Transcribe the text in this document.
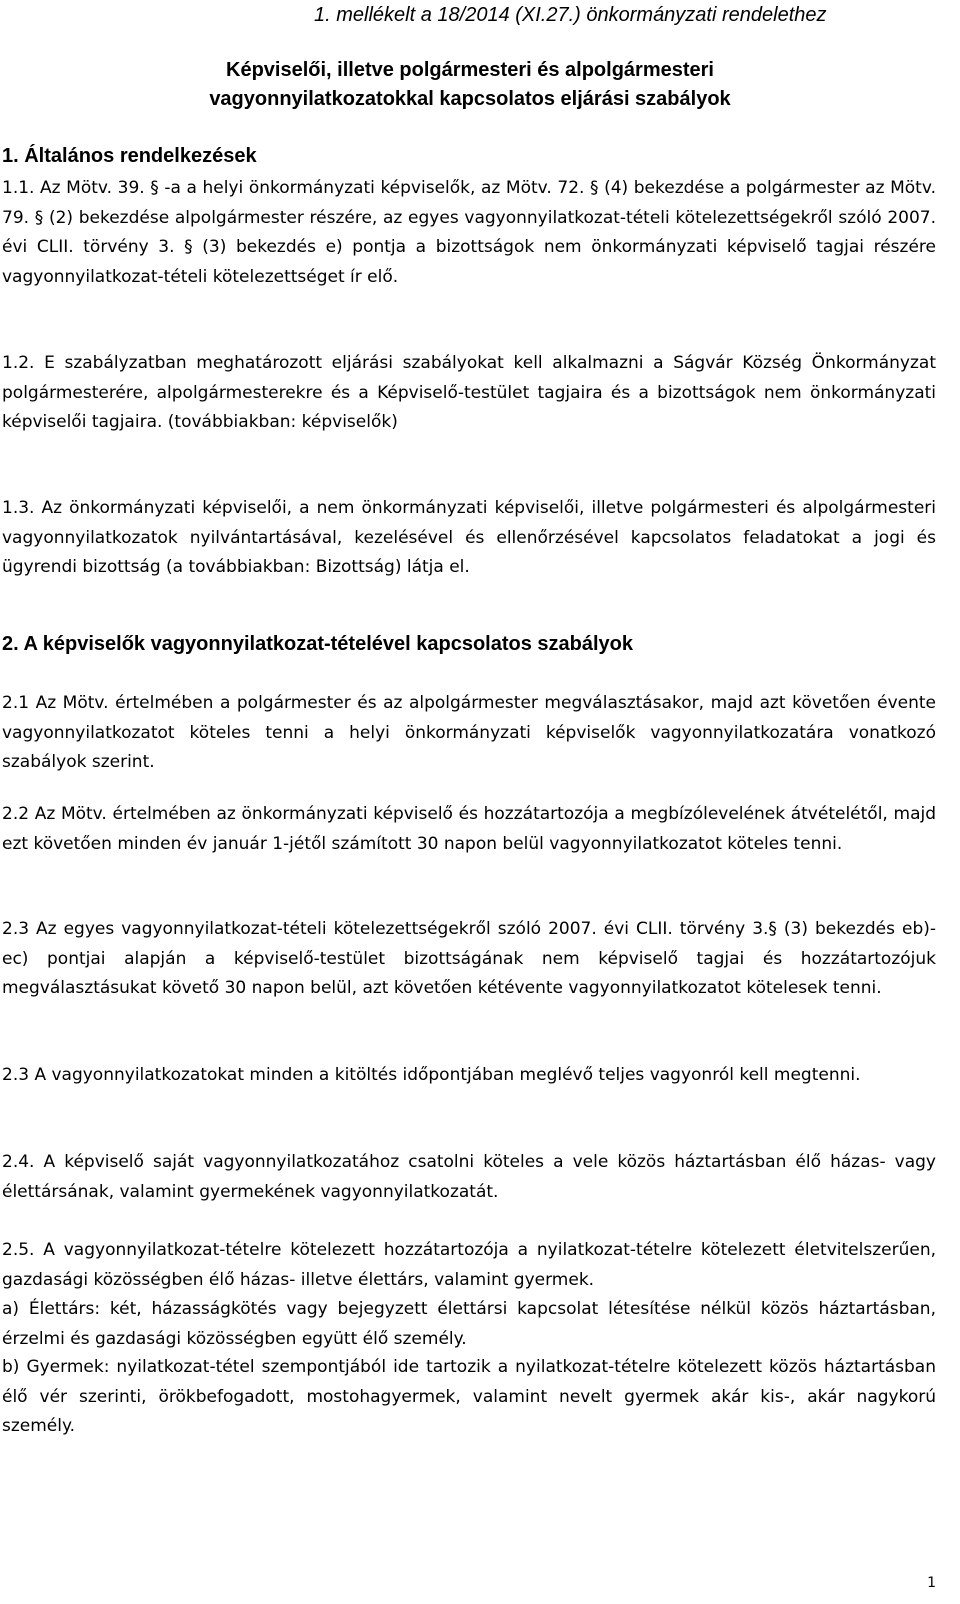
1. mellékelt a 18/2014 (XI.27.) önkormányzati rendelethez
Képviselői, illetve polgármesteri és alpolgármesteri
vagyonnyilatkozatokkal kapcsolatos eljárási szabályok
1. Általános rendelkezések

1.1. Az Mötv. 39. § -a a helyi önkormányzati képviselők, az Mötv. 72. § (4) bekezdése a polgármester az Mötv. 79. § (2) bekezdése alpolgármester részére, az egyes vagyonnyilatkozat-tételi kötelezettségekről szóló 2007. évi CLII. törvény 3. § (3) bekezdés e) pontja a bizottságok nem önkormányzati képviselő tagjai részére vagyonnyilatkozat-tételi kötelezettséget ír elő.

1.2. E szabályzatban meghatározott eljárási szabályokat kell alkalmazni a Ságvár Község Önkormányzat polgármesterére, alpolgármesterekre és a Képviselő-testület tagjaira és a bizottságok nem önkormányzati képviselői tagjaira. (továbbiakban: képviselők)

1.3. Az önkormányzati képviselői, a nem önkormányzati képviselői, illetve polgármesteri és alpolgármesteri vagyonnyilatkozatok nyilvántartásával, kezelésével és ellenőrzésével kapcsolatos feladatokat a jogi és ügyrendi bizottság (a továbbiakban: Bizottság) látja el.

2. A képviselők vagyonnyilatkozat-tételével kapcsolatos szabályok

2.1 Az Mötv. értelmében a polgármester és az alpolgármester megválasztásakor, majd azt követően évente vagyonnyilatkozatot köteles tenni a helyi önkormányzati képviselők vagyonnyilatkozatára vonatkozó szabályok szerint.

2.2 Az Mötv. értelmében az önkormányzati képviselő és hozzátartozója a megbízólevelének átvételétől, majd ezt követően minden év január 1-jétől számított 30 napon belül vagyonnyilatkozatot köteles tenni.

2.3 Az egyes vagyonnyilatkozat-tételi kötelezettségekről szóló 2007. évi CLII. törvény 3.§ (3) bekezdés eb)-ec) pontjai alapján a képviselő-testület bizottságának nem képviselő tagjai és hozzátartozójuk megválasztásukat követő 30 napon belül, azt követően kétévente vagyonnyilatkozatot kötelesek tenni.

2.3 A vagyonnyilatkozatokat minden a kitöltés időpontjában meglévő teljes vagyonról kell megtenni.

2.4. A képviselő saját vagyonnyilatkozatához csatolni köteles a vele közös háztartásban élő házas- vagy élettársának, valamint gyermekének vagyonnyilatkozatát.

2.5. A vagyonnyilatkozat-tételre kötelezett hozzátartozója a nyilatkozat-tételre kötelezett életvitelszerűen, gazdasági közösségben élő házas- illetve élettárs, valamint gyermek.

a) Élettárs: két, házasságkötés vagy bejegyzett élettársi kapcsolat létesítése nélkül közös háztartásban, érzelmi és gazdasági közösségben együtt élő személy.

b) Gyermek: nyilatkozat-tétel szempontjából ide tartozik a nyilatkozat-tételre kötelezett közös háztartásban élő vér szerinti, örökbefogadott, mostohagyermek, valamint nevelt gyermek akár kis-, akár nagykorú személy.

1
